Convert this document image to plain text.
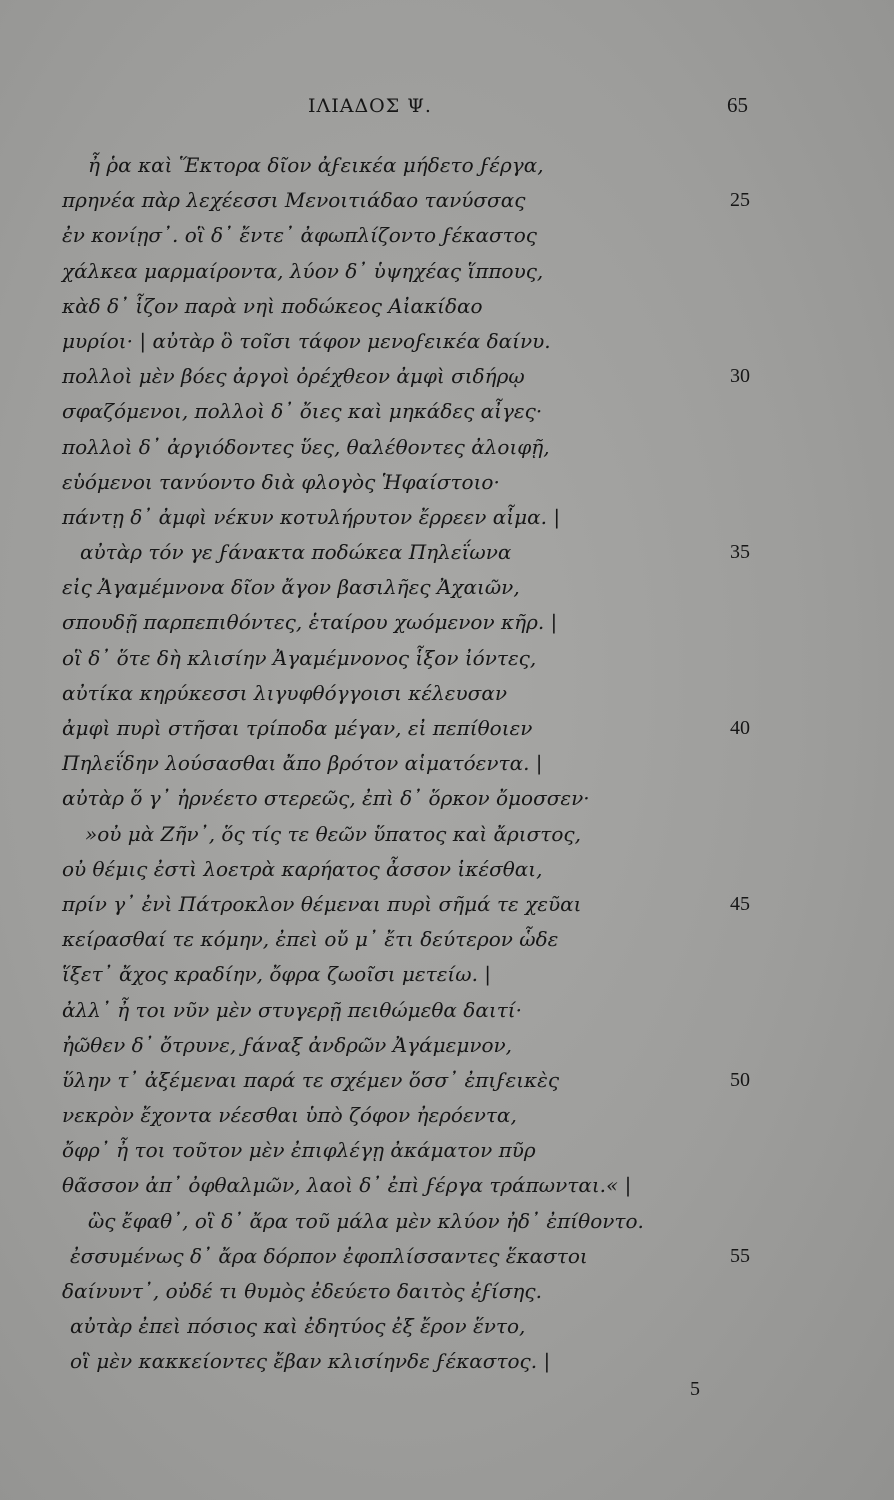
ΙΛΙΑΔΟΣ Ψ.	65
ἦ ῥα καὶ Ἕκτορα δῖον ἀϝεικέα μήδετο ϝέργα,
πρηνέα πὰρ λεχέεσσι Μενοιτιάδαο τανύσσας	25
ἐν κονίῃσ᾽. οἳ δ᾽ ἔντε᾽ ἀφωπλίζοντο ϝέκαστος
χάλκεα μαρμαίροντα, λύον δ᾽ ὑψηχέας ἵππους,
κὰδ δ᾽ ἷζον παρὰ νηὶ ποδώκεος Αἰακίδαο
μυρίοι· | αὐτὰρ ὃ τοῖσι τάφον μενοϝεικέα δαίνυ.
πολλοὶ μὲν βόες ἀργοὶ ὀρέχθεον ἀμφὶ σιδήρῳ	30
σφαζόμενοι, πολλοὶ δ᾽ ὄιες καὶ μηκάδες αἶγες·
πολλοὶ δ᾽ ἀργιόδοντες ὕες, θαλέθοντες ἀλοιφῇ,
εὑόμενοι τανύοντο διὰ φλογὸς Ἡφαίστοιο·
πάντῃ δ᾽ ἀμφὶ νέκυν κοτυλήρυτον ἔρρεεν αἷμα. |
αὐτὰρ τόν γε ϝάνακτα ποδώκεα Πηλεΐωνα	35
εἰς Ἀγαμέμνονα δῖον ἄγον βασιλῆες Ἀχαιῶν,
σπουδῇ παρπεπιθόντες, ἑταίρου χωόμενον κῆρ. |
οἳ δ᾽ ὅτε δὴ κλισίην Ἀγαμέμνονος ἷξον ἰόντες,
αὐτίκα κηρύκεσσι λιγυφθόγγοισι κέλευσαν
ἀμφὶ πυρὶ στῆσαι τρίποδα μέγαν, εἰ πεπίθοιεν	40
Πηλεΐδην λούσασθαι ἄπο βρότον αἱματόεντα. |
αὐτὰρ ὅ γ᾽ ἠρνέετο στερεῶς, ἐπὶ δ᾽ ὅρκον ὄμοσσεν·
»οὐ μὰ Ζῆν᾽, ὅς τίς τε θεῶν ὕπατος καὶ ἄριστος,
οὐ θέμις ἐστὶ λοετρὰ καρήατος ἆσσον ἱκέσθαι,
πρίν γ᾽ ἐνὶ Πάτροκλον θέμεναι πυρὶ σῆμά τε χεῦαι	45
κείρασθαί τε κόμην, ἐπεὶ οὔ μ᾽ ἔτι δεύτερον ὧδε
ἵξετ᾽ ἄχος κραδίην, ὄφρα ζωοῖσι μετείω. |
ἀλλ᾽ ἦ τοι νῦν μὲν στυγερῇ πειθώμεθα δαιτί·
ἠῶθεν δ᾽ ὄτρυνε, ϝάναξ ἀνδρῶν Ἀγάμεμνον,
ὕλην τ᾽ ἀξέμεναι παρά τε σχέμεν ὅσσ᾽ ἐπιϝεικὲς	50
νεκρὸν ἔχοντα νέεσθαι ὑπὸ ζόφον ἠερόεντα,
ὄφρ᾽ ἦ τοι τοῦτον μὲν ἐπιφλέγῃ ἀκάματον πῦρ
θᾶσσον ἀπ᾽ ὀφθαλμῶν, λαοὶ δ᾽ ἐπὶ ϝέργα τράπωνται.« |
ὣς ἔφαθ᾽, οἳ δ᾽ ἄρα τοῦ μάλα μὲν κλύον ἠδ᾽ ἐπίθοντο.
ἐσσυμένως δ᾽ ἄρα δόρπον ἐφοπλίσσαντες ἕκαστοι	55
δαίνυντ᾽, οὐδέ τι θυμὸς ἐδεύετο δαιτὸς ἐϝίσης.
αὐτὰρ ἐπεὶ πόσιος καὶ ἐδητύος ἐξ ἔρον ἕντο,
οἳ μὲν κακκείοντες ἔβαν κλισίηνδε ϝέκαστος. |
5
